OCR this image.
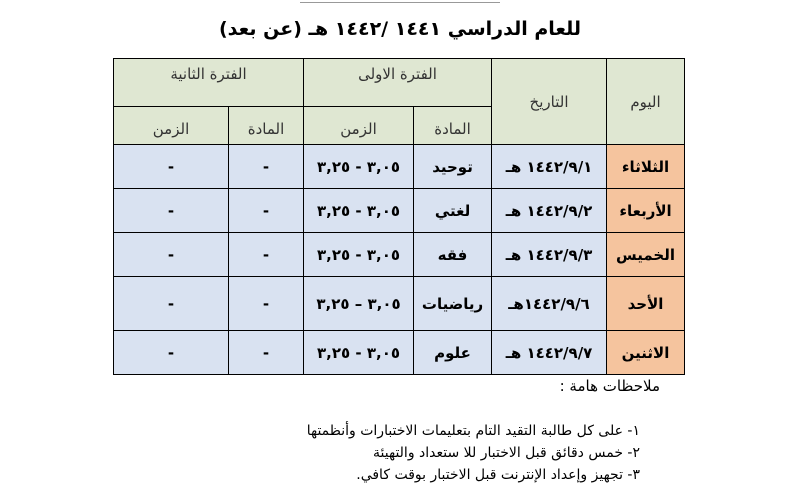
للعام الدراسي ١٤٤١ /١٤٤٢ هـ (عن بعد)
اليوم	التاريخ	الفترة الاولى		الفترة الثانية	
		المادة	الزمن	المادة	الزمن
الثلاثاء	١٤٤٢/٩/١ هـ	توحيد	٣,٠٥ - ٣,٢٥	-	-
الأربعاء	١٤٤٢/٩/٢ هـ	لغتي	٣,٠٥ - ٣,٢٥	-	-
الخميس	١٤٤٢/٩/٣ هـ	فقه	٣,٠٥ - ٣,٢٥	-	-
الأحد	١٤٤٢/٩/٦هـ	رياضيات	٣,٠٥ – ٣,٢٥	-	-
الاثنين	١٤٤٢/٩/٧ هـ	علوم	٣,٠٥ - ٣,٢٥	-	-
ملاحظات هامة :
١- على كل طالبة التقيد التام بتعليمات الاختبارات وأنظمتها
٢- خمس دقائق قبل الاختبار للا ستعداد والتهيئة
٣- تجهيز وإعداد الإنترنت قبل الاختبار بوقت كافي.
